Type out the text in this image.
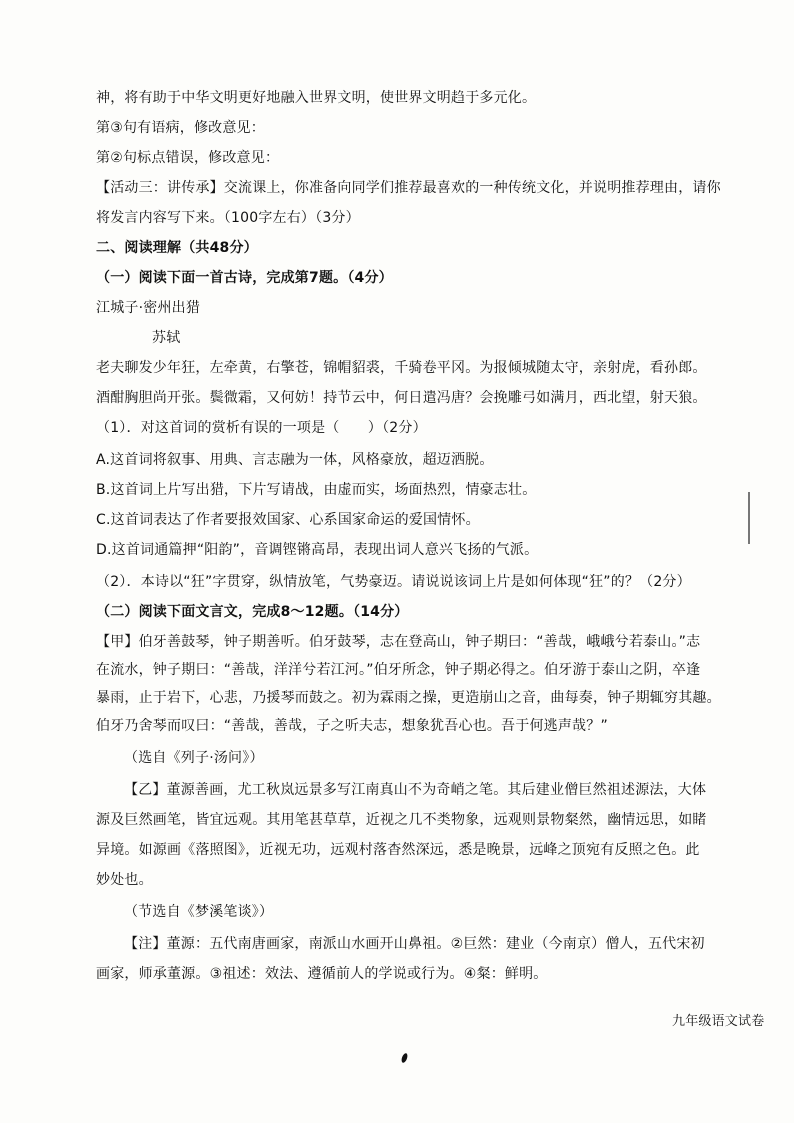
神，将有助于中华文明更好地融入世界文明，使世界文明趋于多元化。
第③句有语病，修改意见：
第②句标点错误，修改意见：
【活动三：讲传承】交流课上，你准备向同学们推荐最喜欢的一种传统文化，并说明推荐理由，请你
将发言内容写下来。（100字左右）（3分）
二、阅读理解（共48分）
（一）阅读下面一首古诗，完成第7题。（4分）
江城子·密州出猎
苏轼
老夫聊发少年狂，左牵黄，右擎苍，锦帽貂裘，千骑卷平冈。为报倾城随太守，亲射虎，看孙郎。
酒酣胸胆尚开张。鬓微霜，又何妨！持节云中，何日遣冯唐？会挽雕弓如满月，西北望，射天狼。
（1）．对这首词的赏析有误的一项是（　　）（2分）
A.这首词将叙事、用典、言志融为一体，风格豪放，超迈洒脱。
B.这首词上片写出猎，下片写请战，由虚而实，场面热烈，情豪志壮。
C.这首词表达了作者要报效国家、心系国家命运的爱国情怀。
D.这首词通篇押“阳韵”，音调铿锵高昂，表现出词人意兴飞扬的气派。
（2）．本诗以“狂”字贯穿，纵情放笔，气势豪迈。请说说该词上片是如何体现“狂”的？（2分）
（二）阅读下面文言文，完成8～12题。（14分）
【甲】伯牙善鼓琴，钟子期善听。伯牙鼓琴，志在登高山，钟子期曰：“善哉，峨峨兮若泰山。”志
在流水，钟子期曰：“善哉，洋洋兮若江河。”伯牙所念，钟子期必得之。伯牙游于泰山之阴，卒逢
暴雨，止于岩下，心悲，乃援琴而鼓之。初为霖雨之操，更造崩山之音，曲每奏，钟子期辄穷其趣。
伯牙乃舍琴而叹曰：“善哉，善哉，子之听夫志，想象犹吾心也。吾于何逃声哉？”
（选自《列子·汤问》）
【乙】董源善画，尤工秋岚远景多写江南真山不为奇峭之笔。其后建业僧巨然祖述源法，大体
源及巨然画笔，皆宜远观。其用笔甚草草，近视之几不类物象，远观则景物粲然，幽情远思，如睹
异境。如源画《落照图》，近视无功，远观村落杳然深远，悉是晚景，远峰之顶宛有反照之色。此
妙处也。
（节选自《梦溪笔谈》）
【注】董源：五代南唐画家，南派山水画开山鼻祖。②巨然：建业（今南京）僧人，五代宋初
画家，师承董源。③祖述：效法、遵循前人的学说或行为。④粲：鲜明。
九年级语文试卷
